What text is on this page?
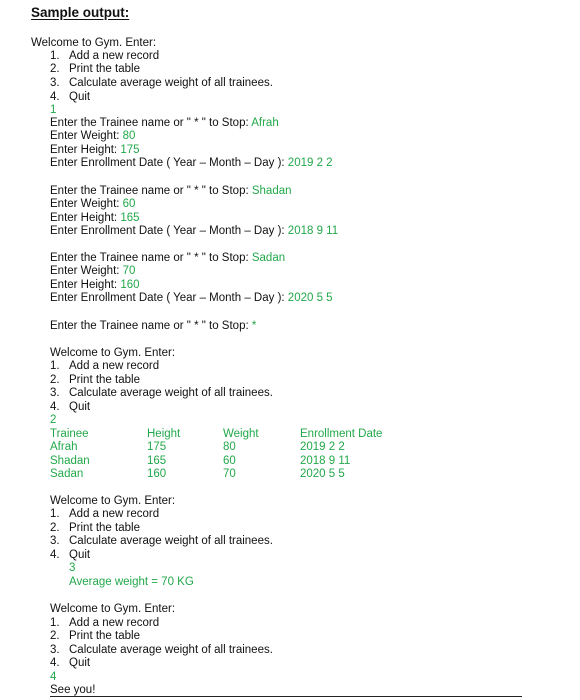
Sample output:
Welcome to Gym. Enter:
1. Add a new record
2. Print the table
3. Calculate average weight of all trainees.
4. Quit
1
Enter the Trainee name or " * " to Stop: Afrah
Enter Weight: 80
Enter Height: 175
Enter Enrollment Date ( Year – Month – Day ): 2019 2 2
Enter the Trainee name or " * " to Stop: Shadan
Enter Weight: 60
Enter Height: 165
Enter Enrollment Date ( Year – Month – Day ): 2018 9 11
Enter the Trainee name or " * " to Stop: Sadan
Enter Weight: 70
Enter Height: 160
Enter Enrollment Date ( Year – Month – Day ): 2020 5 5
Enter the Trainee name or " * " to Stop: *
Welcome to Gym. Enter:
1. Add a new record
2. Print the table
3. Calculate average weight of all trainees.
4. Quit
2
Trainee	Height	Weight	Enrollment Date
Afrah	175	80	2019 2 2
Shadan	165	60	2018 9 11
Sadan	160	70	2020 5 5
Welcome to Gym. Enter:
1. Add a new record
2. Print the table
3. Calculate average weight of all trainees.
4. Quit
3
Average weight = 70 KG
Welcome to Gym. Enter:
1. Add a new record
2. Print the table
3. Calculate average weight of all trainees.
4. Quit
4
See you!
